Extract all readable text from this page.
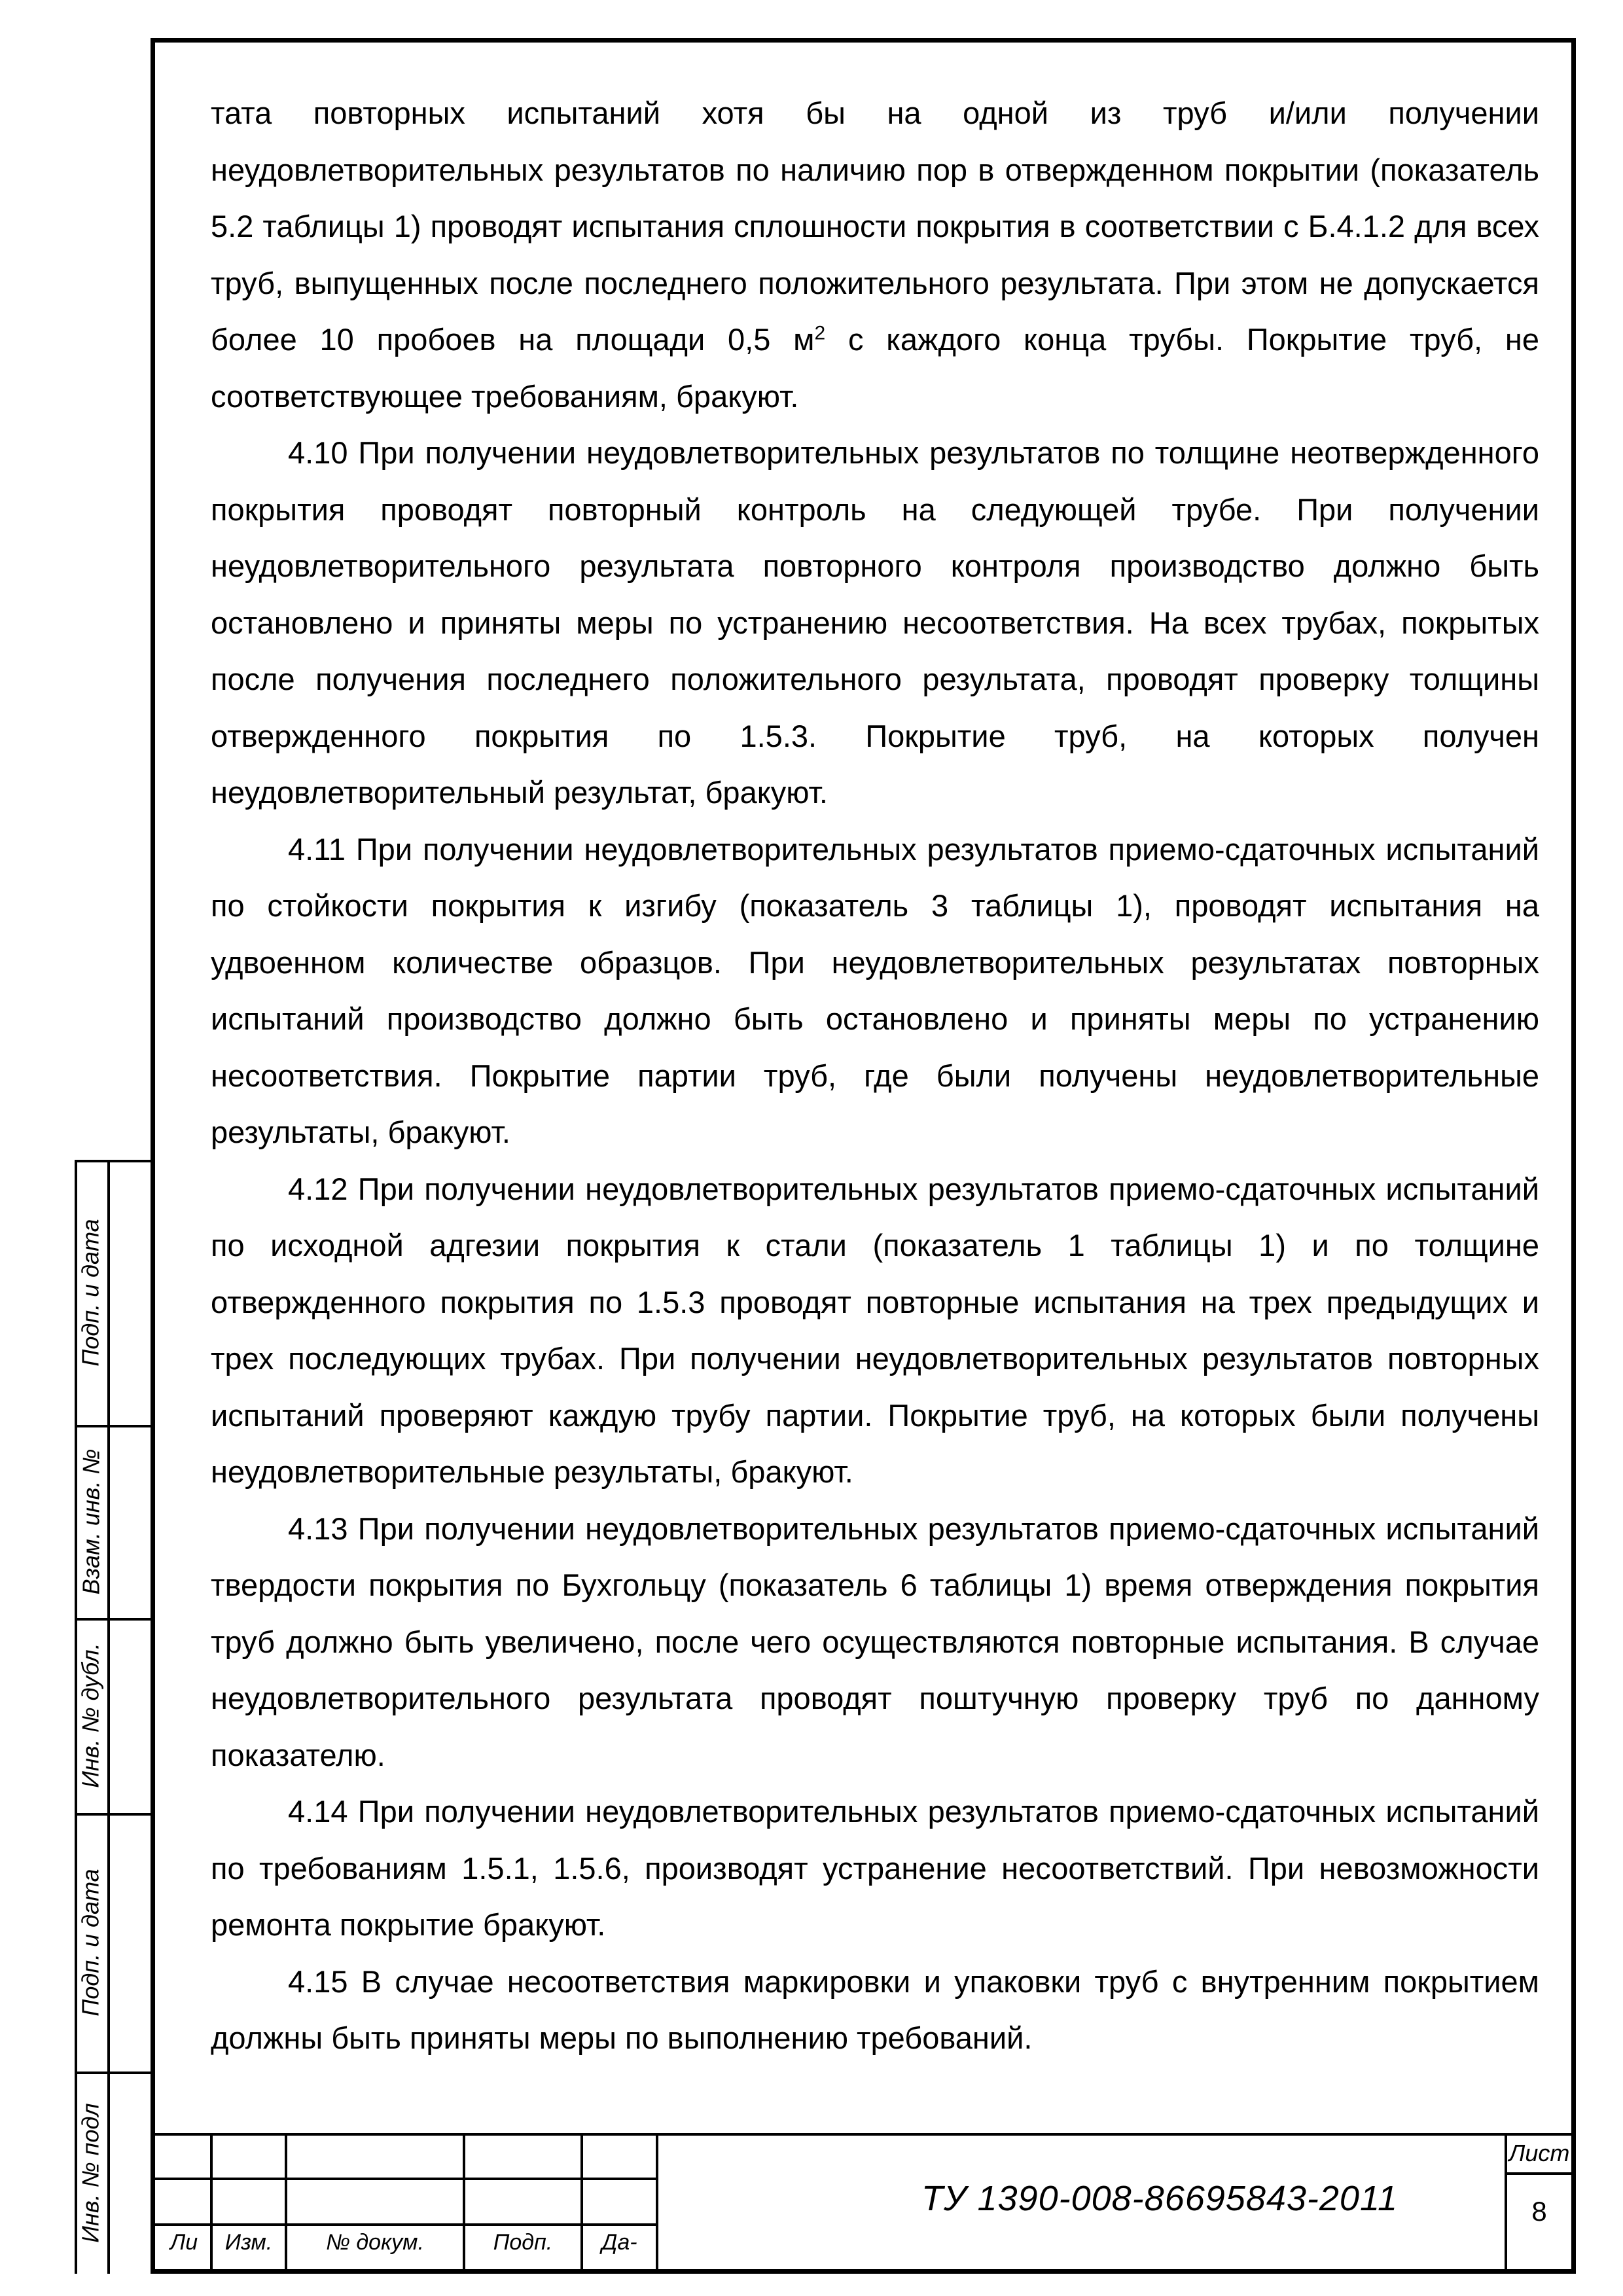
тата повторных испытаний хотя бы на одной из труб и/или получении неудовлетворительных результатов по наличию пор в отвержденном покрытии (показатель 5.2 таблицы 1) проводят испытания сплошности покрытия в соответствии с Б.4.1.2 для всех труб, выпущенных после последнего положительного результата. При этом не допускается более 10 пробоев на площади 0,5 $м^2$ с каждого конца трубы. Покрытие труб, не соответствующее требованиям, бракуют.

4.10 При получении неудовлетворительных результатов по толщине неотвержденного покрытия проводят повторный контроль на следующей трубе. При получении неудовлетворительного результата повторного контроля производство должно быть остановлено и приняты меры по устранению несоответствия. На всех трубах, покрытых после получения последнего положительного результата, проводят проверку толщины отвержденного покрытия по 1.5.3. Покрытие труб, на которых получен неудовлетворительный результат, бракуют.

4.11 При получении неудовлетворительных результатов приемо-сдаточных испытаний по стойкости покрытия к изгибу (показатель 3 таблицы 1), проводят испытания на удвоенном количестве образцов. При неудовлетворительных результатах повторных испытаний производство должно быть остановлено и приняты меры по устранению несоответствия. Покрытие партии труб, где были получены неудовлетворительные результаты, бракуют.

4.12 При получении неудовлетворительных результатов приемо-сдаточных испытаний по исходной адгезии покрытия к стали (показатель 1 таблицы 1) и по толщине отвержденного покрытия по 1.5.3 проводят повторные испытания на трех предыдущих и трех последующих трубах. При получении неудовлетворительных результатов повторных испытаний проверяют каждую трубу партии. Покрытие труб, на которых были получены неудовлетворительные результаты, бракуют.

4.13 При получении неудовлетворительных результатов приемо-сдаточных испытаний твердости покрытия по Бухгольцу (показатель 6 таблицы 1) время отверждения покрытия труб должно быть увеличено, после чего осуществляются повторные испытания. В случае неудовлетворительного результата проводят поштучную проверку труб по данному показателю.

4.14 При получении неудовлетворительных результатов приемо-сдаточных испытаний по требованиям 1.5.1, 1.5.6, производят устранение несоответствий. При невозможности ремонта покрытие бракуют.

4.15 В случае несоответствия маркировки и упаковки труб с внутренним покрытием должны быть приняты меры по выполнению требований.

Подп. и дата
Взам. инв. №
Инв. № дубл.
Подп. и дата
Инв. № подл	Ли	Изм.	№ докум.	Подп.	Да-
ТУ 1390-008-86695843-2011
Лист
8
